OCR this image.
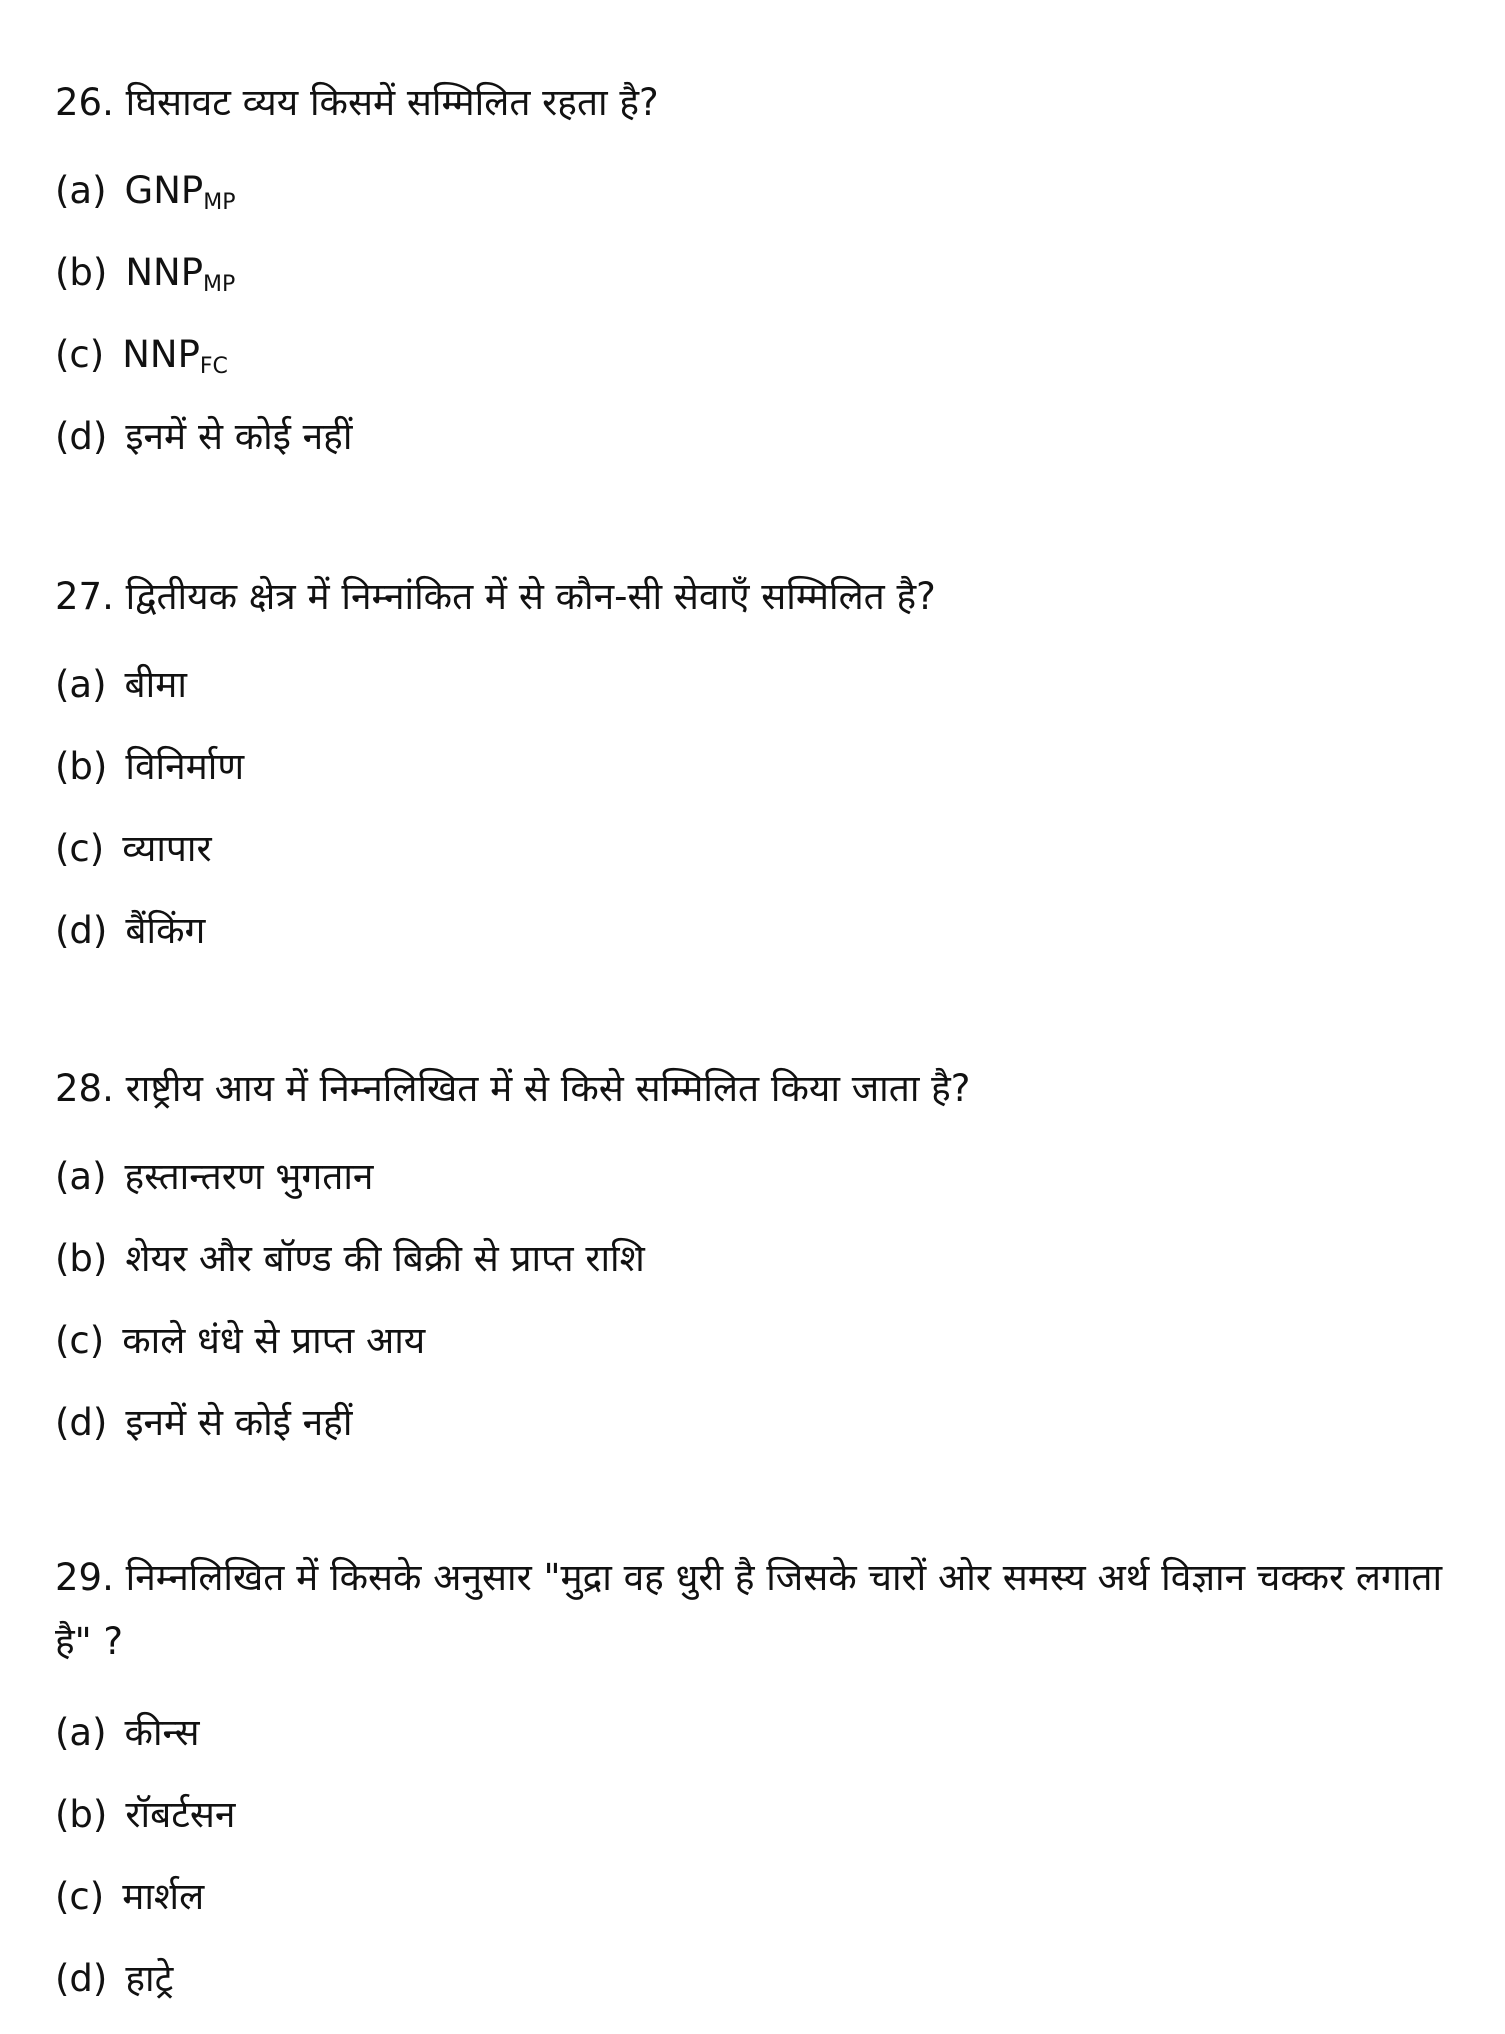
26. घिसावट व्यय किसमें सम्मिलित रहता है?

(a) $GNP_{MP}$
(b) $NNP_{MP}$
(c) $NNP_{FC}$
(d) इनमें से कोई नहीं

27. द्वितीयक क्षेत्र में निम्नांकित में से कौन-सी सेवाएँ सम्मिलित है?

(a) बीमा
(b) विनिर्माण
(c) व्यापार
(d) बैंकिंग

28. राष्ट्रीय आय में निम्नलिखित में से किसे सम्मिलित किया जाता है?

(a) हस्तान्तरण भुगतान
(b) शेयर और बॉण्ड की बिक्री से प्राप्त राशि
(c) काले धंधे से प्राप्त आय
(d) इनमें से कोई नहीं

29. निम्नलिखित में किसके अनुसार "मुद्रा वह धुरी है जिसके चारों ओर समस्य अर्थ विज्ञान चक्कर लगाता है" ?

(a) कीन्स
(b) रॉबर्टसन
(c) मार्शल
(d) हाट्रे
